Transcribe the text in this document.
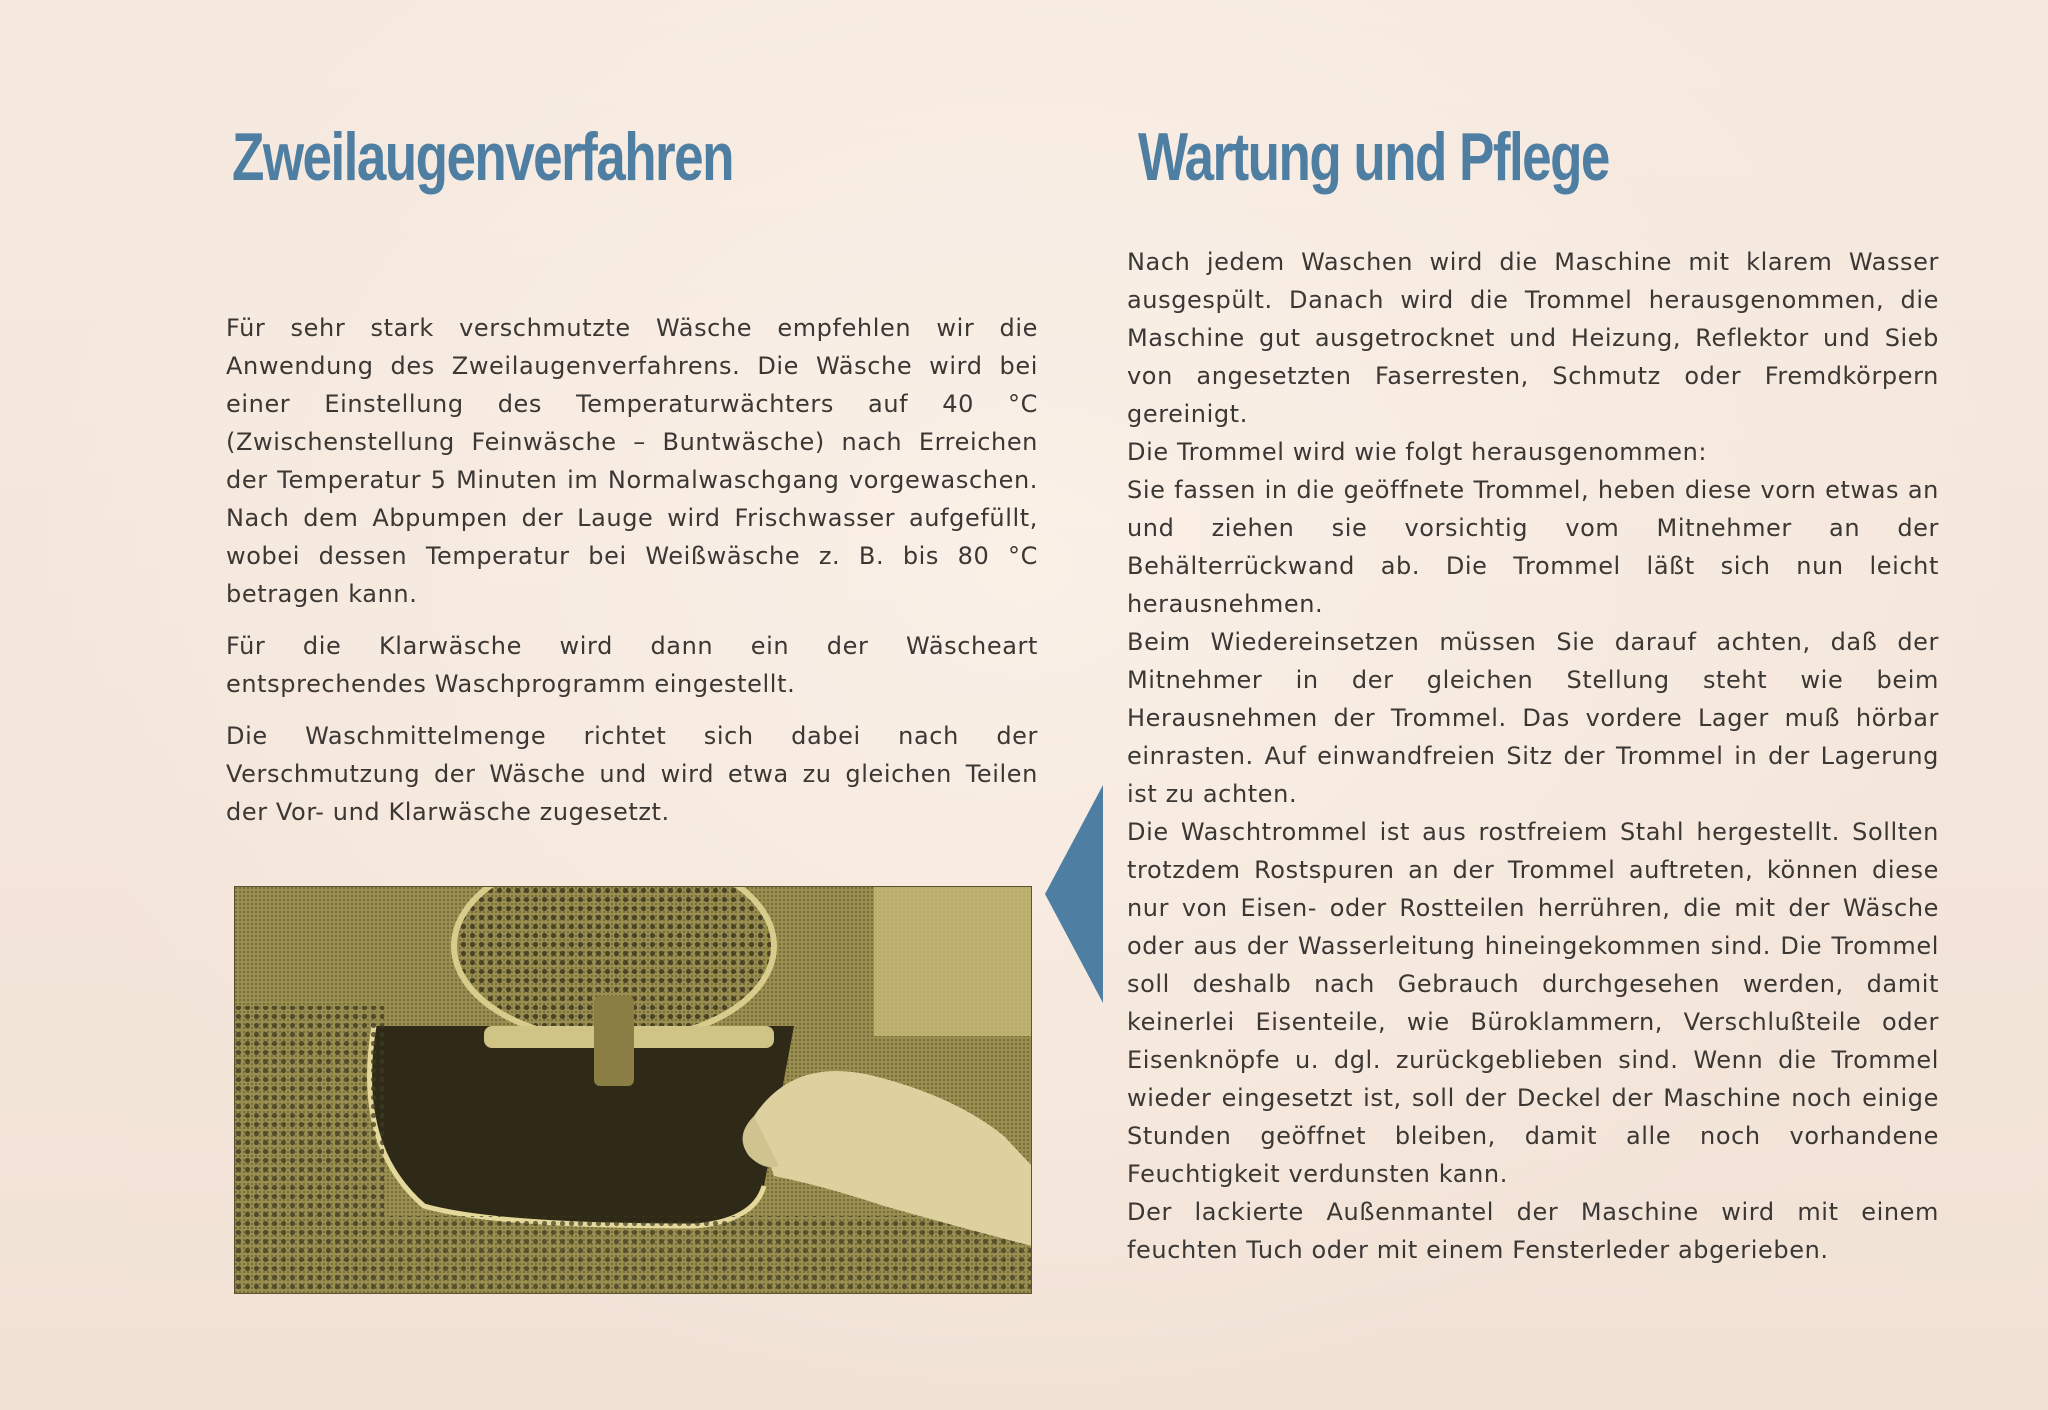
Zweilaugenverfahren

Für sehr stark verschmutzte Wäsche empfehlen wir die Anwendung des Zweilaugenverfahrens. Die Wäsche wird bei einer Einstellung des Temperaturwächters auf 40 °C (Zwischenstellung Feinwäsche – Buntwäsche) nach Erreichen der Temperatur 5 Minuten im Normalwaschgang vorgewaschen. Nach dem Abpumpen der Lauge wird Frischwasser aufgefüllt, wobei dessen Temperatur bei Weißwäsche z. B. bis 80 °C betragen kann.

Für die Klarwäsche wird dann ein der Wäscheart entsprechendes Waschprogramm eingestellt.

Die Waschmittelmenge richtet sich dabei nach der Verschmutzung der Wäsche und wird etwa zu gleichen Teilen der Vor- und Klarwäsche zugesetzt.

Wartung und Pflege

Nach jedem Waschen wird die Maschine mit klarem Wasser ausgespült. Danach wird die Trommel herausgenommen, die Maschine gut ausgetrocknet und Heizung, Reflektor und Sieb von angesetzten Faserresten, Schmutz oder Fremdkörpern gereinigt.

Die Trommel wird wie folgt herausgenommen:

Sie fassen in die geöffnete Trommel, heben diese vorn etwas an und ziehen sie vorsichtig vom Mitnehmer an der Behälterrückwand ab. Die Trommel läßt sich nun leicht herausnehmen.

Beim Wiedereinsetzen müssen Sie darauf achten, daß der Mitnehmer in der gleichen Stellung steht wie beim Herausnehmen der Trommel. Das vordere Lager muß hörbar einrasten. Auf einwandfreien Sitz der Trommel in der Lagerung ist zu achten.

Die Waschtrommel ist aus rostfreiem Stahl hergestellt. Sollten trotzdem Rostspuren an der Trommel auftreten, können diese nur von Eisen- oder Rostteilen herrühren, die mit der Wäsche oder aus der Wasserleitung hineingekommen sind. Die Trommel soll deshalb nach Gebrauch durchgesehen werden, damit keinerlei Eisenteile, wie Büroklammern, Verschlußteile oder Eisenknöpfe u. dgl. zurückgeblieben sind. Wenn die Trommel wieder eingesetzt ist, soll der Deckel der Maschine noch einige Stunden geöffnet bleiben, damit alle noch vorhandene Feuchtigkeit verdunsten kann.

Der lackierte Außenmantel der Maschine wird mit einem feuchten Tuch oder mit einem Fensterleder abgerieben.
